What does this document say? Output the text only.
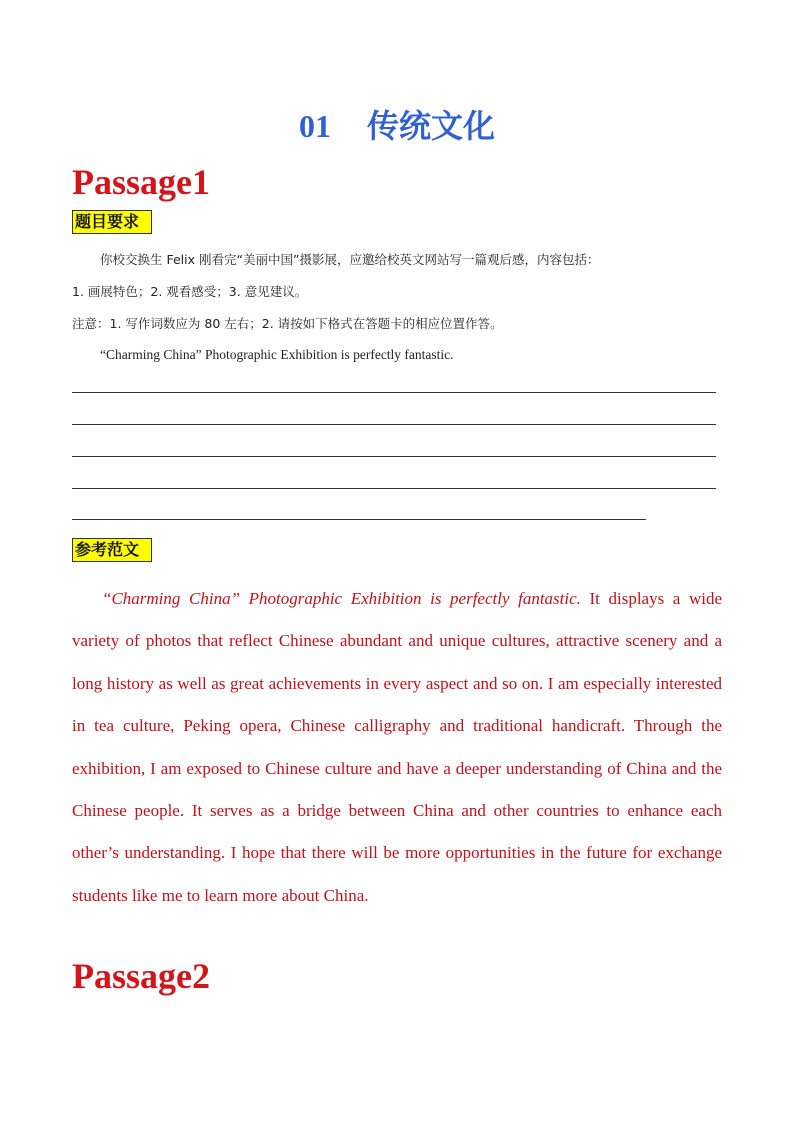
01 传统文化
Passage1
题目要求
你校交换生 Felix 刚看完“美丽中国”摄影展，应邀给校英文网站写一篇观后感，内容包括：
1. 画展特色；2. 观看感受；3. 意见建议。
注意：1. 写作词数应为 80 左右；2. 请按如下格式在答题卡的相应位置作答。
“Charming China” Photographic Exhibition is perfectly fantastic.
参考范文
“Charming China” Photographic Exhibition is perfectly fantastic. It displays a wide variety of photos that reflect Chinese abundant and unique cultures, attractive scenery and a long history as well as great achievements in every aspect and so on. I am especially interested in tea culture, Peking opera, Chinese calligraphy and traditional handicraft. Through the exhibition, I am exposed to Chinese culture and have a deeper understanding of China and the Chinese people. It serves as a bridge between China and other countries to enhance each other’s understanding. I hope that there will be more opportunities in the future for exchange students like me to learn more about China.
Passage2
